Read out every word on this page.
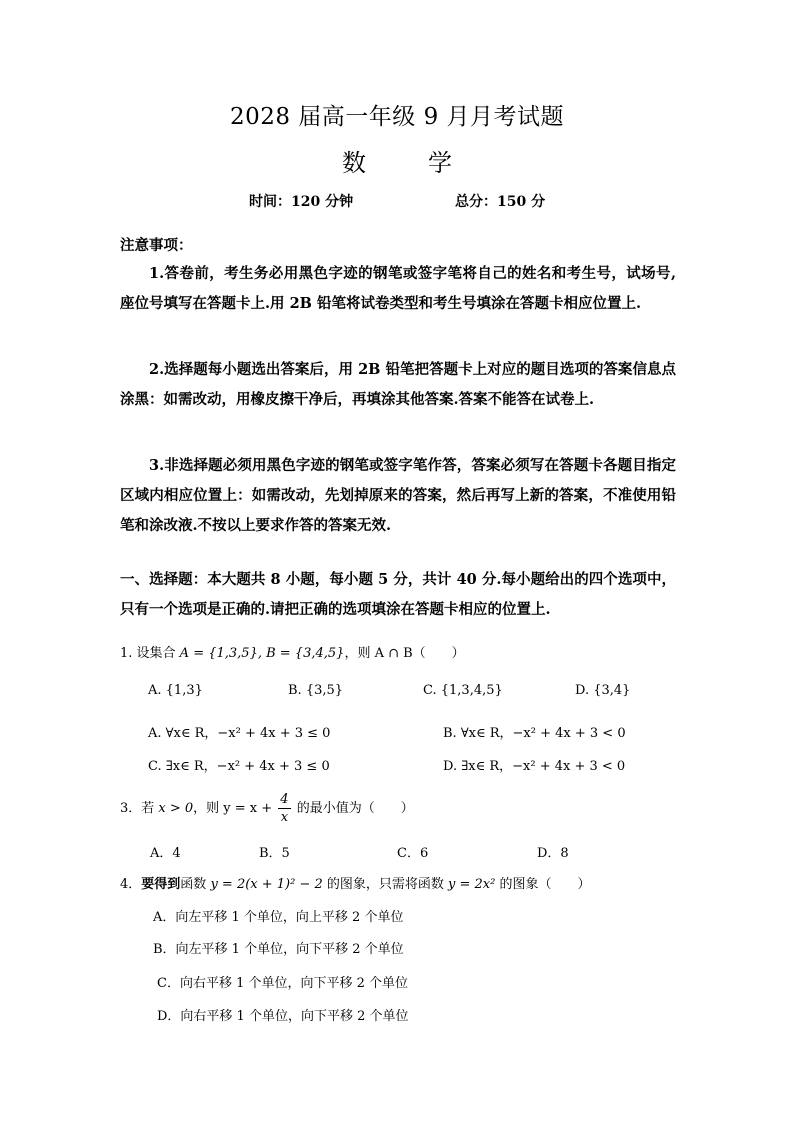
2028 届高一年级 9 月月考试题
数	学
时间：120 分钟	总分：150 分
注意事项：
1.答卷前，考生务必用黑色字迹的钢笔或签字笔将自己的姓名和考生号，试场号,座位号填写在答题卡上.用 2B 铅笔将试卷类型和考生号填涂在答题卡相应位置上.
2.选择题每小题选出答案后，用 2B 铅笔把答题卡上对应的题目选项的答案信息点涂黑：如需改动，用橡皮擦干净后，再填涂其他答案.答案不能答在试卷上.
3.非选择题必须用黑色字迹的钢笔或签字笔作答，答案必须写在答题卡各题目指定区域内相应位置上：如需改动，先划掉原来的答案，然后再写上新的答案，不准使用铅笔和涂改液.不按以上要求作答的答案无效.
一、选择题：本大题共 8 小题，每小题 5 分，共计 40 分.每小题给出的四个选项中，只有一个选项是正确的.请把正确的选项填涂在答题卡相应的位置上.
1. 设集合 A = {1,3,5}, B = {3,4,5}，则 A ∩ B（　　）
A. {1,3}	B. {3,5}	C. {1,3,4,5}	D. {3,4}
A. ∀x∈ R，−x² + 4x + 3 ≤ 0	B. ∀x∈ R，−x² + 4x + 3 < 0
C. ∃x∈ R，−x² + 4x + 3 ≤ 0	D. ∃x∈ R，−x² + 4x + 3 < 0
3．若 x > 0，则 $y = x + \frac{4}{x}$ 的最小值为（　　）
A．4	B．5	C．6	D．8
4．要得到函数 y = 2(x + 1)² − 2 的图象，只需将函数 y = 2x² 的图象（　　）
A．向左平移 1 个单位，向上平移 2 个单位
B．向左平移 1 个单位，向下平移 2 个单位
C．向右平移 1 个单位，向下平移 2 个单位
D．向右平移 1 个单位，向下平移 2 个单位
